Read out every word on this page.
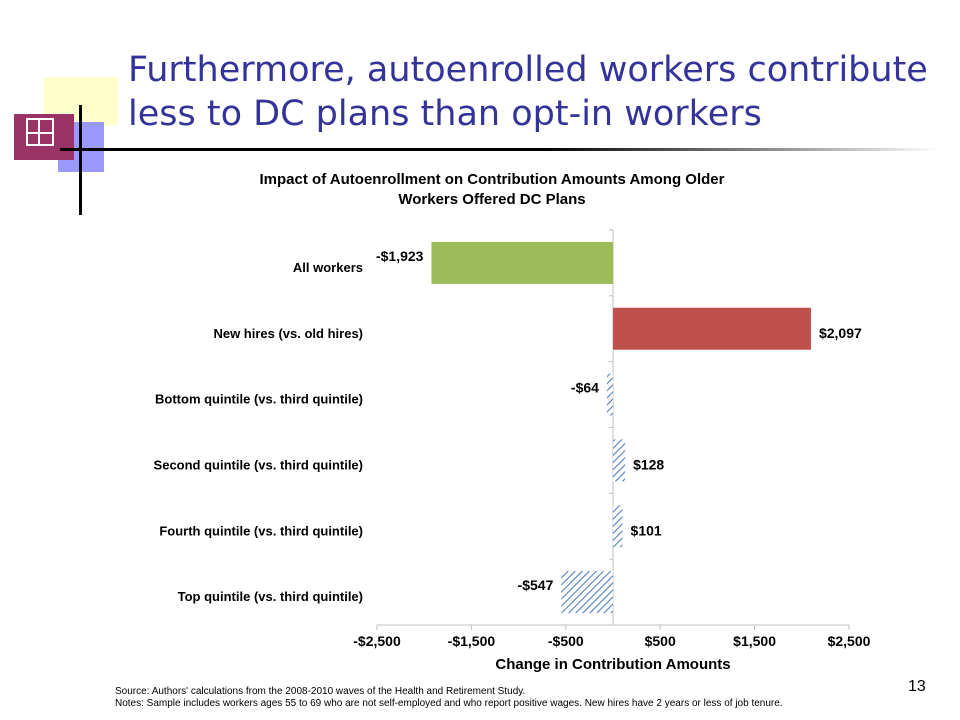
Furthermore, autoenrolled workers contribute less to DC plans than opt-in workers
Impact of Autoenrollment on Contribution Amounts Among Older
Workers Offered DC Plans
-$2,500	-$1,500	-$500	$500	$1,500	$2,500
All workers
-$1,923
New hires (vs. old hires)	$2,097
Bottom quintile (vs. third quintile)
-$64
Second quintile (vs. third quintile)	$128
Fourth quintile (vs. third quintile)	$101
Top quintile (vs. third quintile)
-$547
Change in Contribution Amounts
Source: Authors' calculations from the 2008-2010 waves of the Health and Retirement Study.
Notes: Sample includes workers ages 55 to 69 who are not self-employed and who report positive wages. New hires have 2 years or less of job tenure.
13
